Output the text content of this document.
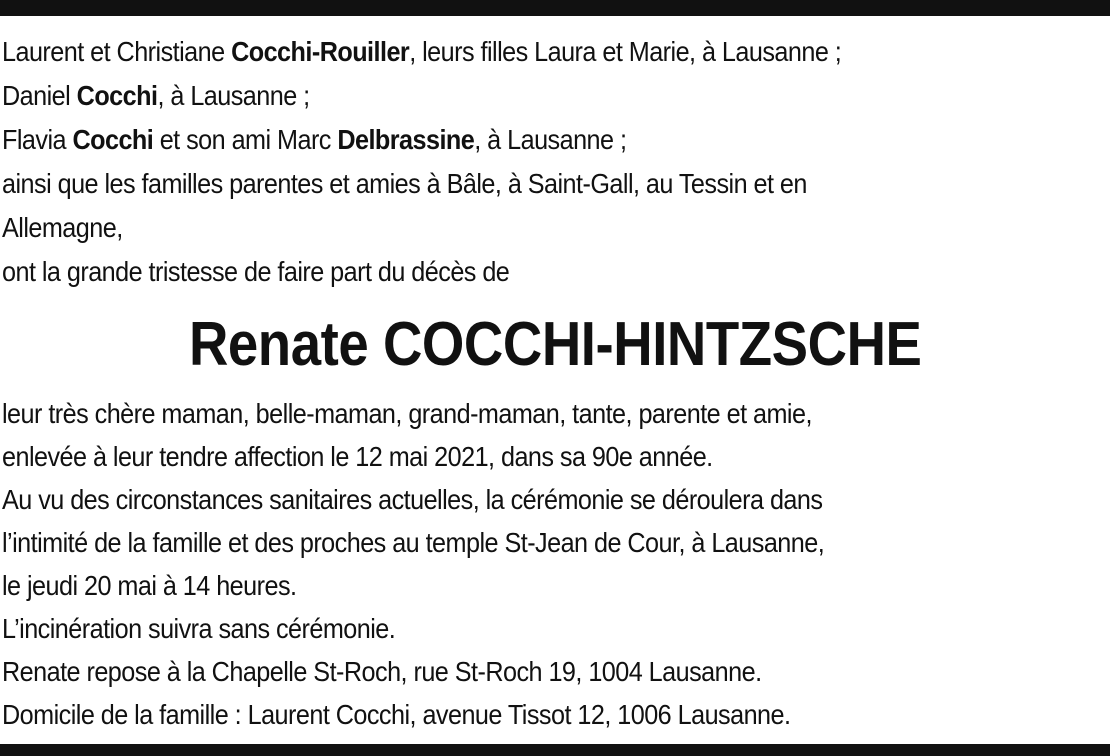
Laurent et Christiane Cocchi-Rouiller, leurs filles Laura et Marie, à Lausanne ;
Daniel Cocchi, à Lausanne ;
Flavia Cocchi et son ami Marc Delbrassine, à Lausanne ;
ainsi que les familles parentes et amies à Bâle, à Saint-Gall, au Tessin et en
Allemagne,
ont la grande tristesse de faire part du décès de
Renate COCCHI-HINTZSCHE
leur très chère maman, belle-maman, grand-maman, tante, parente et amie,
enlevée à leur tendre affection le 12 mai 2021, dans sa 90e année.
Au vu des circonstances sanitaires actuelles, la cérémonie se déroulera dans
l’intimité de la famille et des proches au temple St-Jean de Cour, à Lausanne,
le jeudi 20 mai à 14 heures.
L’incinération suivra sans cérémonie.
Renate repose à la Chapelle St-Roch, rue St-Roch 19, 1004 Lausanne.
Domicile de la famille : Laurent Cocchi, avenue Tissot 12, 1006 Lausanne.
